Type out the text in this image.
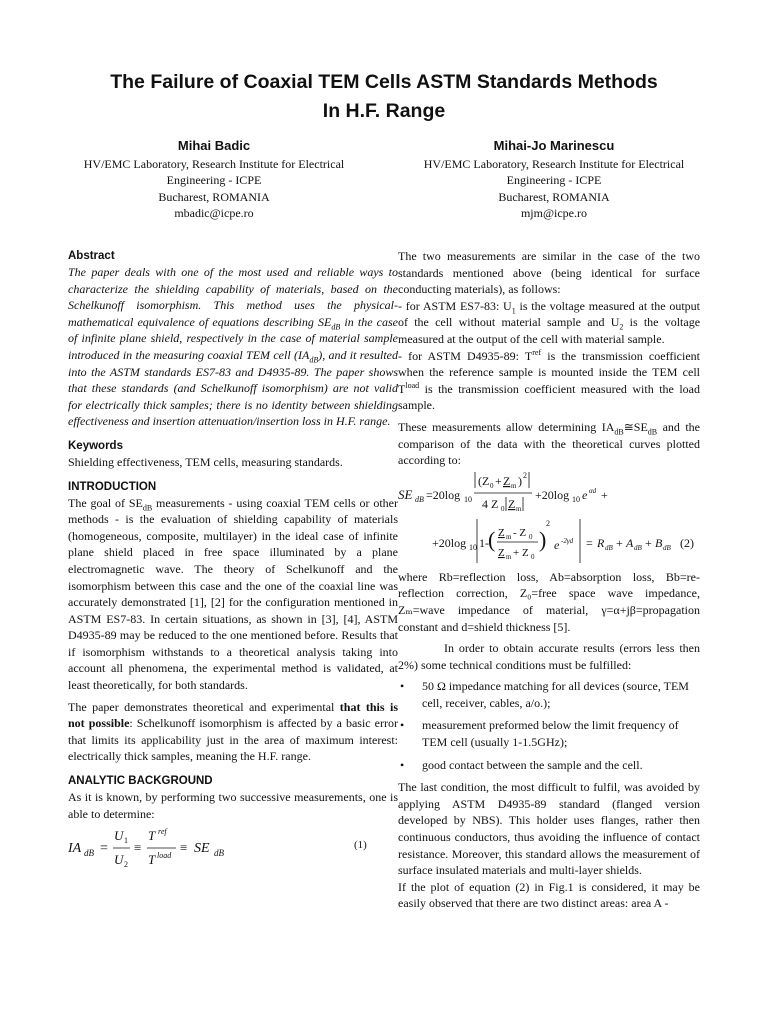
The Failure of Coaxial TEM Cells ASTM Standards Methods
In H.F. Range
Mihai Badic
HV/EMC Laboratory, Research Institute for Electrical
Engineering - ICPE
Bucharest, ROMANIA
mbadic@icpe.ro
Mihai-Jo Marinescu
HV/EMC Laboratory, Research Institute for Electrical
Engineering - ICPE
Bucharest, ROMANIA
mjm@icpe.ro
Abstract

The paper deals with one of the most used and reliable ways to characterize the shielding capability of materials, based on the Schelkunoff isomorphism. This method uses the physical-mathematical equivalence of equations describing $SE_{dB}$ in the case of infinite plane shield, respectively in the case of material sample introduced in the measuring coaxial TEM cell $(IA_{dB})$, and it resulted into the ASTM standards ES7-83 and D4935-89. The paper shows that these standards (and Schelkunoff isomorphism) are not valid for electrically thick samples; there is no identity between shielding effectiveness and insertion attenuation/insertion loss in H.F. range.

Keywords

Shielding effectiveness, TEM cells, measuring standards.

INTRODUCTION

The goal of $SE_{dB}$ measurements - using coaxial TEM cells or other methods - is the evaluation of shielding capability of materials (homogeneous, composite, multilayer) in the ideal case of infinite plane shield placed in free space illuminated by a plane electromagnetic wave. The theory of Schelkunoff and the isomorphism between this case and the one of the coaxial line was accurately demonstrated [1], [2] for the configuration mentioned in ASTM ES7-83. In certain situations, as shown in [3], [4], ASTM D4935-89 may be reduced to the one mentioned before. Results that if isomorphism withstands to a theoretical analysis taking into account all phenomena, the experimental method is validated, at least theoretically, for both standards.

The paper demonstrates theoretical and experimental that this is not possible: Schelkunoff isomorphism is affected by a basic error that limits its applicability just in the area of maximum interest: electrically thick samples, meaning the H.F. range.

ANALYTIC BACKGROUND

As it is known, by performing two successive measurements, one is able to determine:

IA dB =
U 1
U 2
≡
T ref
T load
≡ SE dB
(1)

The two measurements are similar in the case of the two standards mentioned above (being identical for surface conducting materials), as follows:

- for ASTM ES7-83: $U_1$ is the voltage measured at the output of the cell without material sample and $U_2$ is the voltage measured at the output of the cell with material sample.

- for ASTM D4935-89: $T^{ref}$ is the transmission coefficient when the reference sample is mounted inside the TEM cell $T^{load}$ is the transmission coefficient measured with the load sample.

These measurements allow determining $IA_{dB}≅SE_{dB}$ and the comparison of the data with the theoretical curves plotted according to:

SE dB =20log 10
(Z 0 + Z m ) 2
4 Z 0 Z m
+20log 10 e αd +
+20log 10 1- ( Z m - Z 0
Z m + Z 0
)
2
e -2γd = R dB + A dB + B dB (2)

where Rb=reflection loss, Ab=absorption loss, Bb=re-reflection correction, Z₀=free space wave impedance, Zₘ=wave impedance of material, γ=α+jβ=propagation constant and d=shield thickness [5].

In order to obtain accurate results (errors less then 2%) some technical conditions must be fulfilled:

• 50 Ω impedance matching for all devices (source, TEM cell, receiver, cables, a/o.);
• measurement preformed below the limit frequency of TEM cell (usually 1-1.5GHz);
• good contact between the sample and the cell.

The last condition, the most difficult to fulfil, was avoided by applying ASTM D4935-89 standard (flanged version developed by NBS). This holder uses flanges, rather then continuous conductors, thus avoiding the influence of contact resistance. Moreover, this standard allows the measurement of surface insulated materials and multi-layer shields.

If the plot of equation (2) in Fig.1 is considered, it may be easily observed that there are two distinct areas: area A -
